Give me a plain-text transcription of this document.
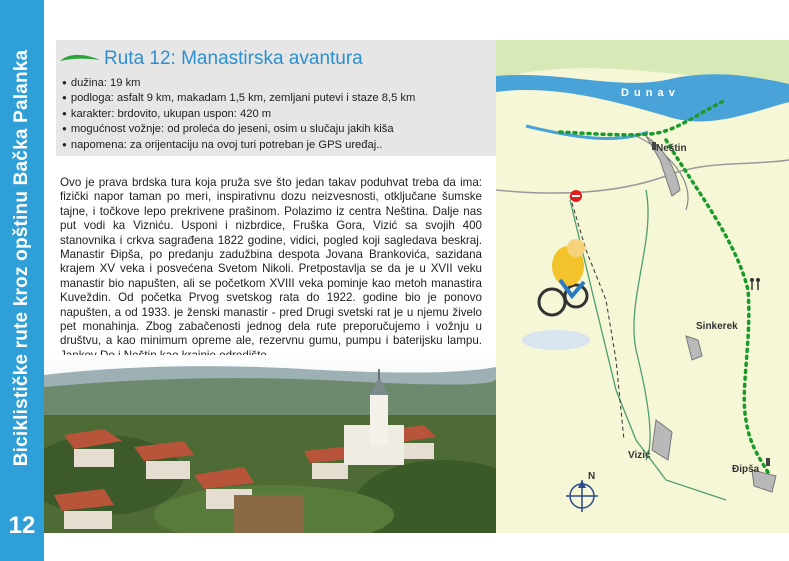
Biciklističke rute kroz opštinu Bačka Palanka
12
Ruta 12: Manastirska avantura
● dužina: 19 km
● podloga: asfalt 9 km, makadam 1,5 km, zemljani putevi i staze 8,5 km
● karakter: brdovito, ukupan uspon: 420 m
● mogućnost vožnje: od proleća do jeseni, osim u slučaju jakih kiša
● napomena: za orijentaciju na ovoj turi potreban je GPS uređaj..

Ovo je prava brdska tura koja pruža sve što jedan takav poduhvat treba da ima: fizički napor taman po meri, inspirativnu dozu neizvesnosti, otključane šumske tajne, i točkove lepo prekrivene prašinom. Polazimo iz centra Neština. Dalje nas put vodi ka Vizniću. Usponi i nizbrdice, Fruška Gora, Vizić sa svojih 400 stanovnika i crkva sagrađena 1822 godine, vidici, pogled koji sagledava beskraj. Manastir Đipša, po predanju zadužbina despota Jovana Brankovića, sazidana krajem XV veka i posvećena Svetom Nikoli. Pretpostavlja se da je u XVII veku manastir bio napušten, ali se početkom XVIII veka pominje kao metoh manastira Kuveždin. Od početka Prvog svetskog rata do 1922. godine bio je ponovo napušten, a od 1933. je ženski manastir - pred Drugi svetski rat je u njemu živelo pet monahinja. Zbog zabačenosti jednog dela rute preporučujemo i vožnju u društvu, a kao minimum opreme ale, rezervnu gumu, pumpu i baterijsku lampu.

D u n a v
Neštin
Sinkerek
Vizić
Đipša
N
